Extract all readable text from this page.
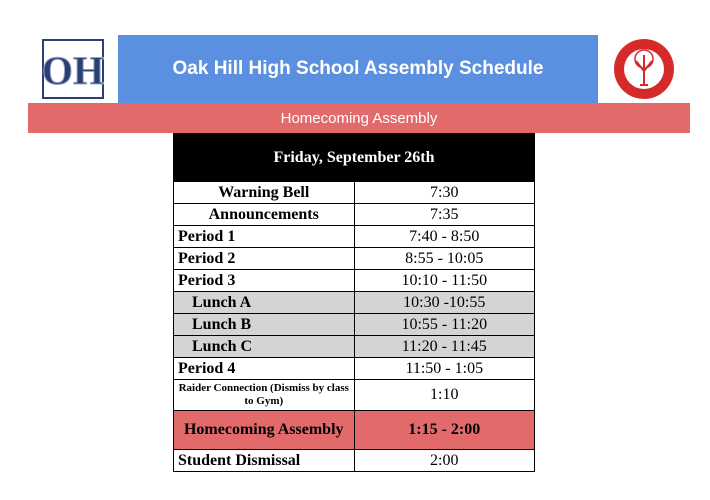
OH	Oak Hill High School Assembly Schedule
Homecoming Assembly
Friday, September 26th	
Warning Bell	7:30
Announcements	7:35
Period 1	7:40 - 8:50
Period 2	8:55 - 10:05
Period 3	10:10 - 11:50
Lunch A	10:30 -10:55
Lunch B	10:55 - 11:20
Lunch C	11:20 - 11:45
Period 4	11:50 - 1:05
Raider Connection (Dismiss by class to Gym)	1:10
Homecoming Assembly	1:15 - 2:00
Student Dismissal	2:00
